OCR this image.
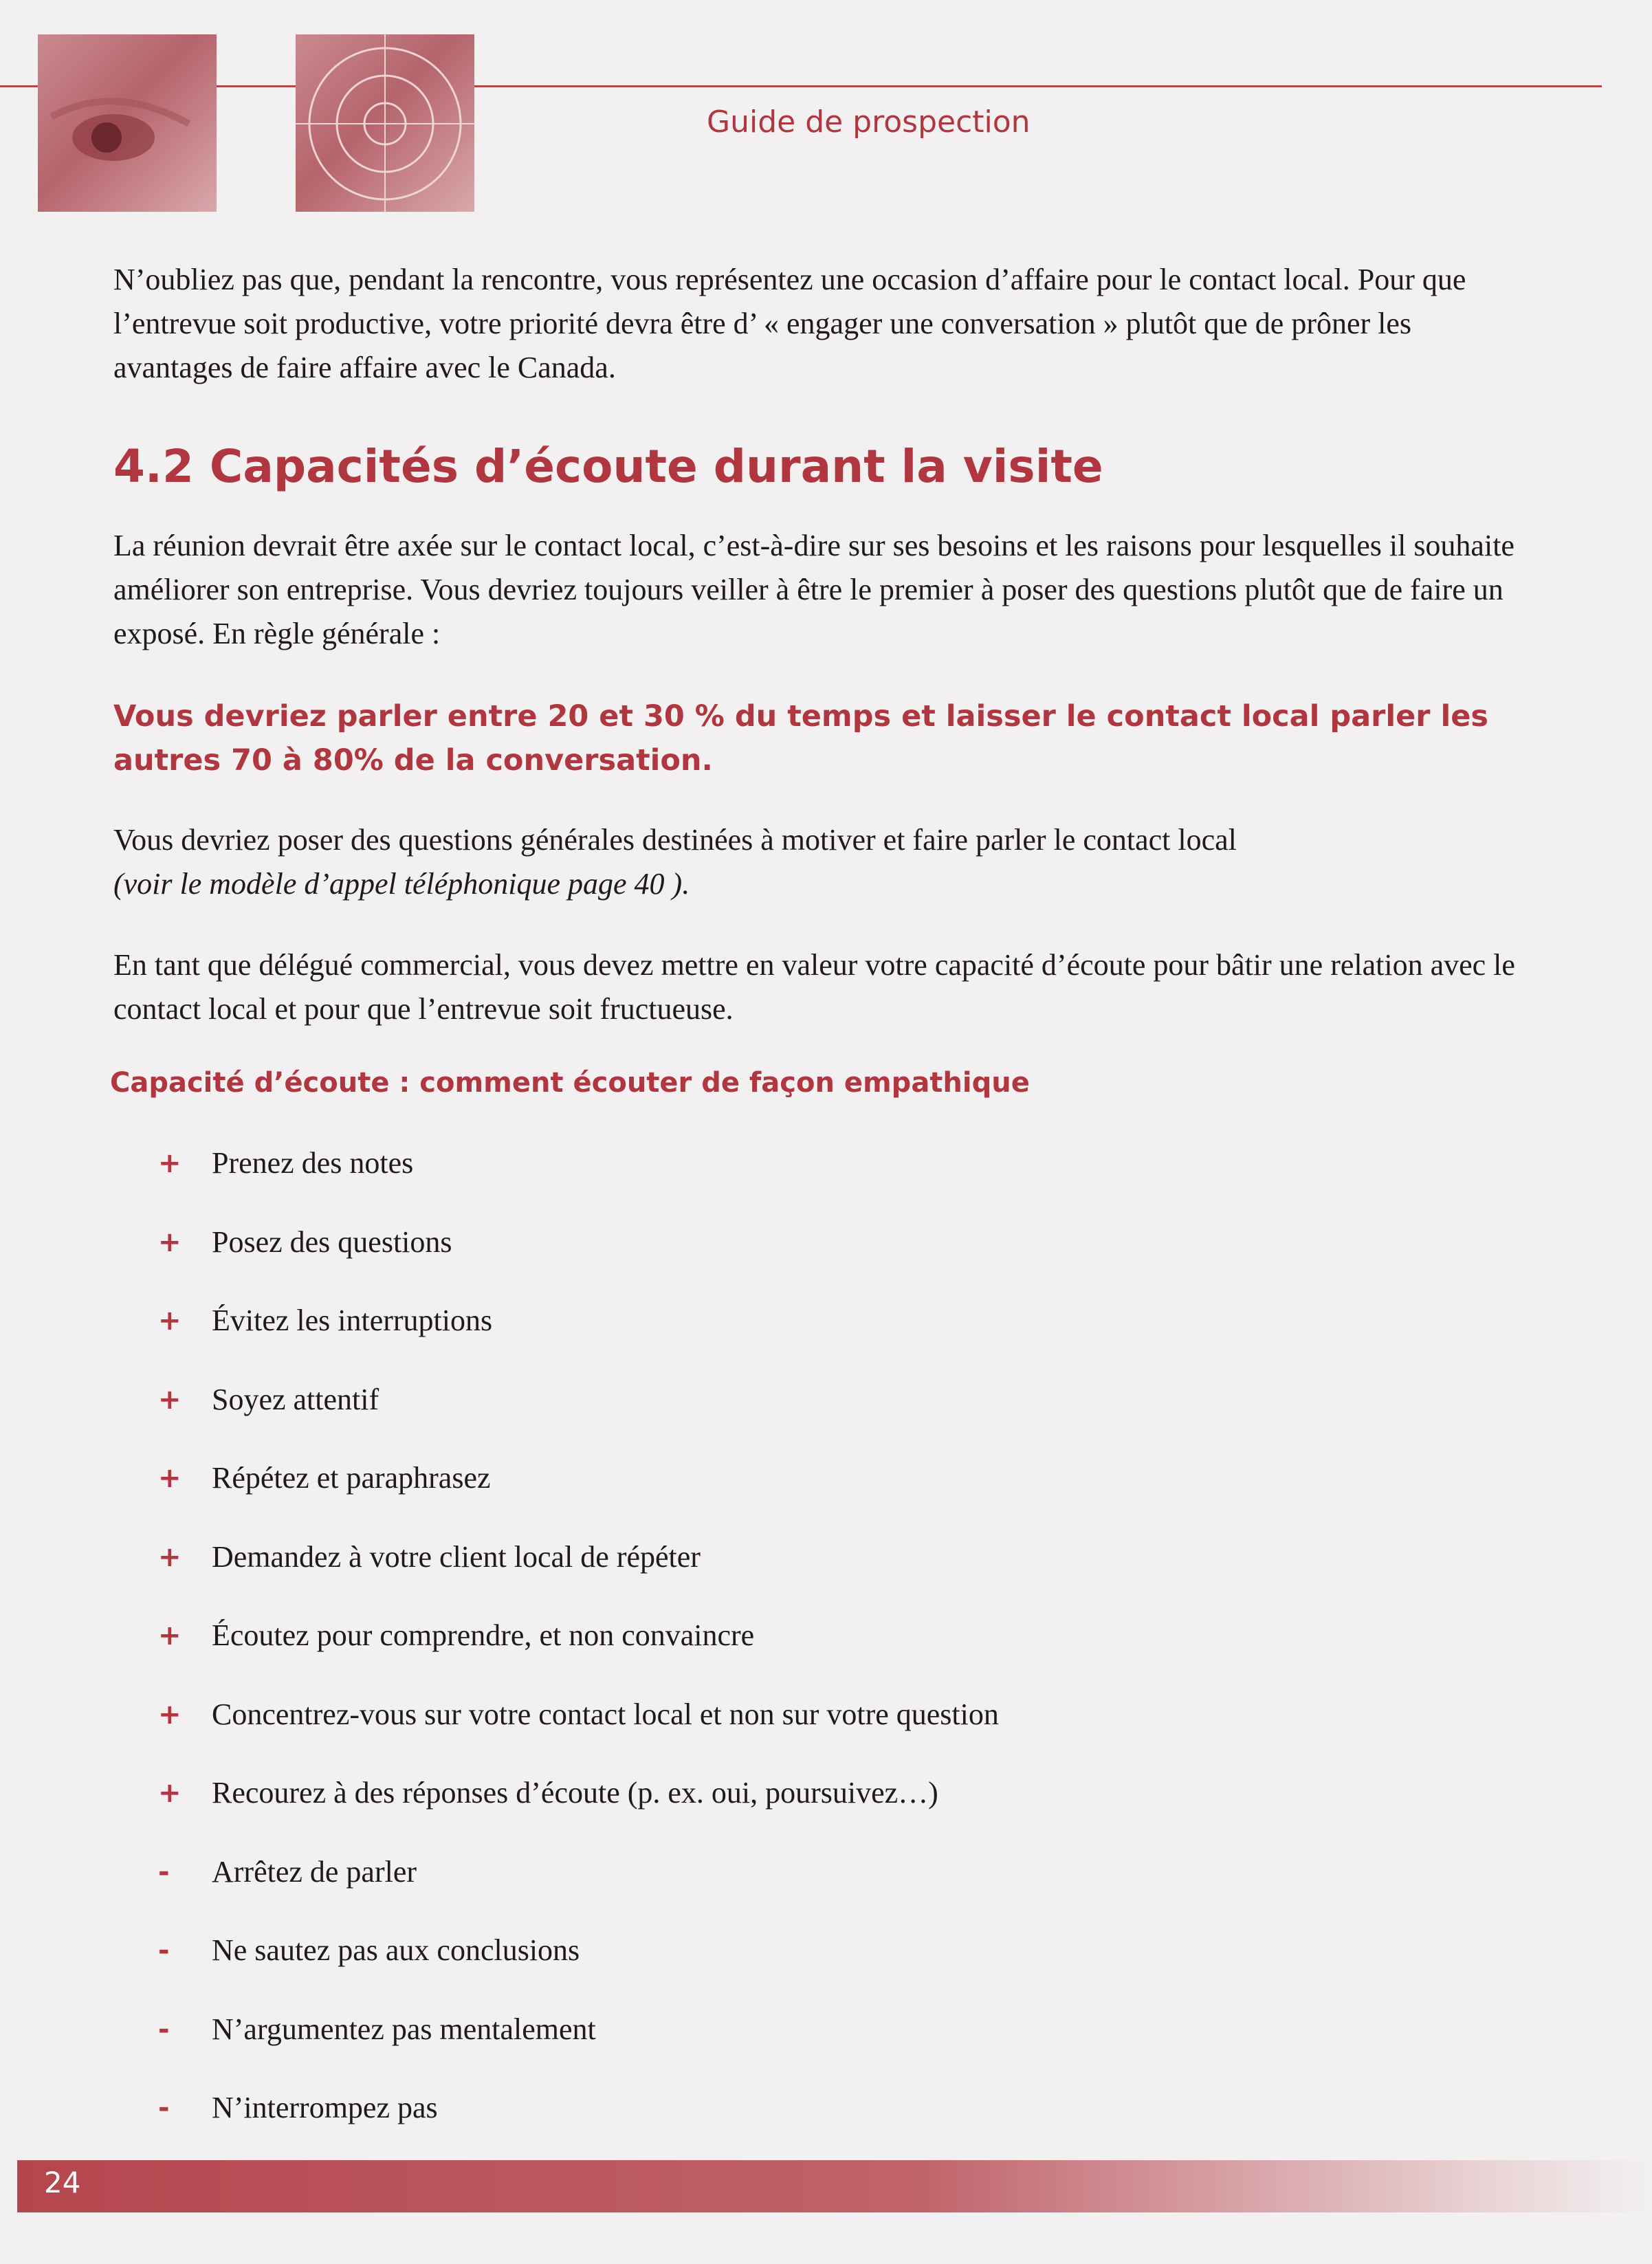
Guide de prospection

N’oubliez pas que, pendant la rencontre, vous représentez une occasion d’affaire pour le contact local. Pour que l’entrevue soit productive, votre priorité devra être d’ « engager une conversation » plutôt que de prôner les avantages de faire affaire avec le Canada.

4.2 Capacités d’écoute durant la visite

La réunion devrait être axée sur le contact local, c’est-à-dire sur ses besoins et les raisons pour lesquelles il souhaite améliorer son entreprise. Vous devriez toujours veiller à être le premier à poser des questions plutôt que de faire un exposé. En règle générale :

Vous devriez parler entre 20 et 30 % du temps et laisser le contact local parler les autres 70 à 80% de la conversation.

Vous devriez poser des questions générales destinées à motiver et faire parler le contact local
(voir le modèle d’appel téléphonique page 40 ).

En tant que délégué commercial, vous devez mettre en valeur votre capacité d’écoute pour bâtir une relation avec le contact local et pour que l’entrevue soit fructueuse.

Capacité d’écoute : comment écouter de façon empathique
+	Prenez des notes
+	Posez des questions
+	Évitez les interruptions
+	Soyez attentif
+	Répétez et paraphrasez
+	Demandez à votre client local de répéter
+	Écoutez pour comprendre, et non convaincre
+	Concentrez-vous sur votre contact local et non sur votre question
+	Recourez à des réponses d’écoute (p. ex. oui, poursuivez…)
-	Arrêtez de parler
-	Ne sautez pas aux conclusions
-	N’argumentez pas mentalement
-	N’interrompez pas
24
